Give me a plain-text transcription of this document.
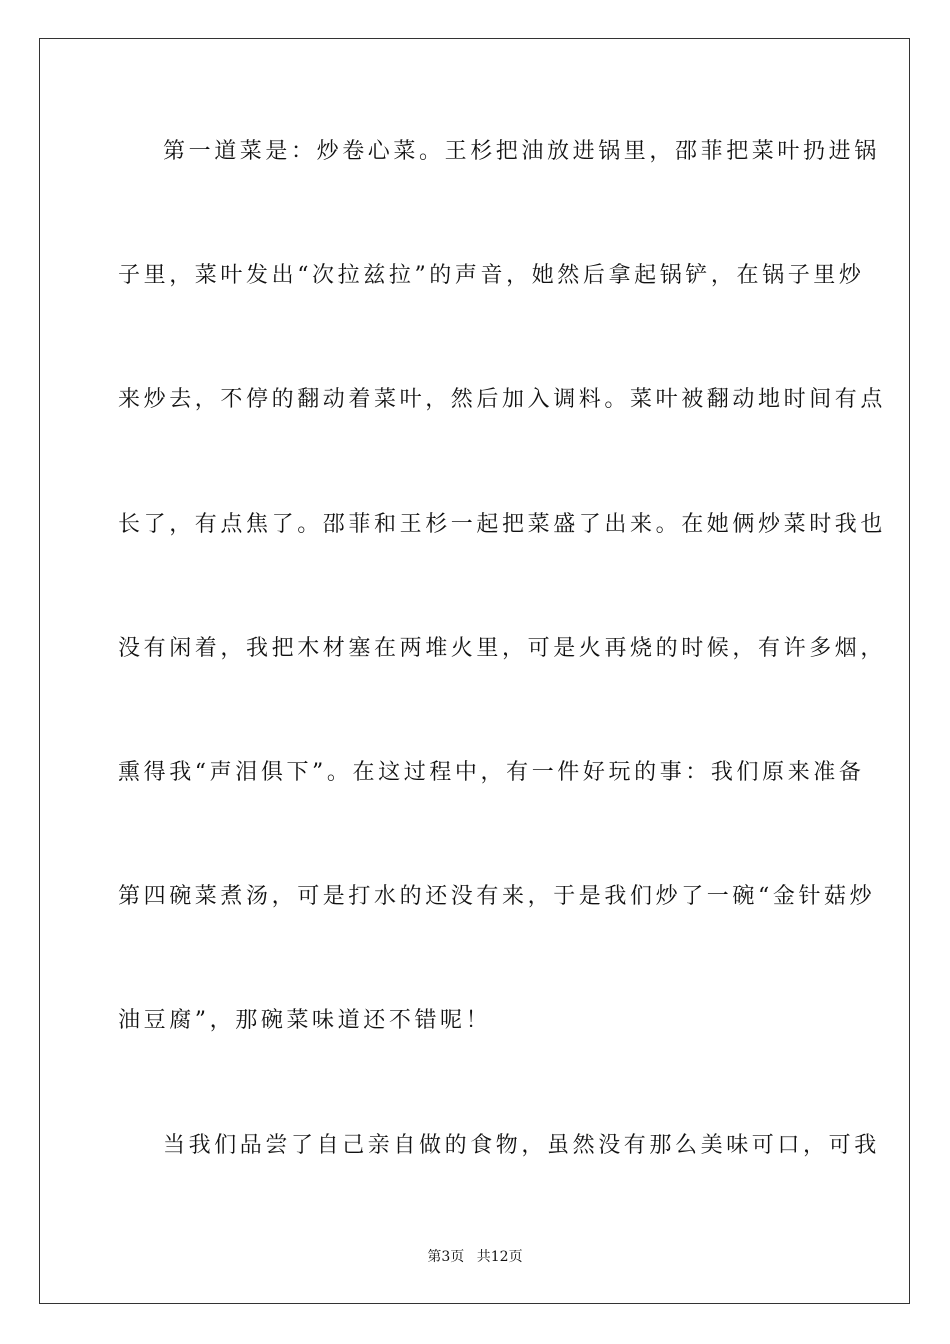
第一道菜是：炒卷心菜。王杉把油放进锅里，邵菲把菜叶扔进锅
子里，菜叶发出“次拉兹拉”的声音，她然后拿起锅铲，在锅子里炒
来炒去，不停的翻动着菜叶，然后加入调料。菜叶被翻动地时间有点
长了，有点焦了。邵菲和王杉一起把菜盛了出来。在她俩炒菜时我也
没有闲着，我把木材塞在两堆火里，可是火再烧的时候，有许多烟，
熏得我“声泪俱下”。在这过程中，有一件好玩的事：我们原来准备
第四碗菜煮汤，可是打水的还没有来，于是我们炒了一碗“金针菇炒
油豆腐”，那碗菜味道还不错呢！
当我们品尝了自己亲自做的食物，虽然没有那么美味可口，可我
第3页 共12页
